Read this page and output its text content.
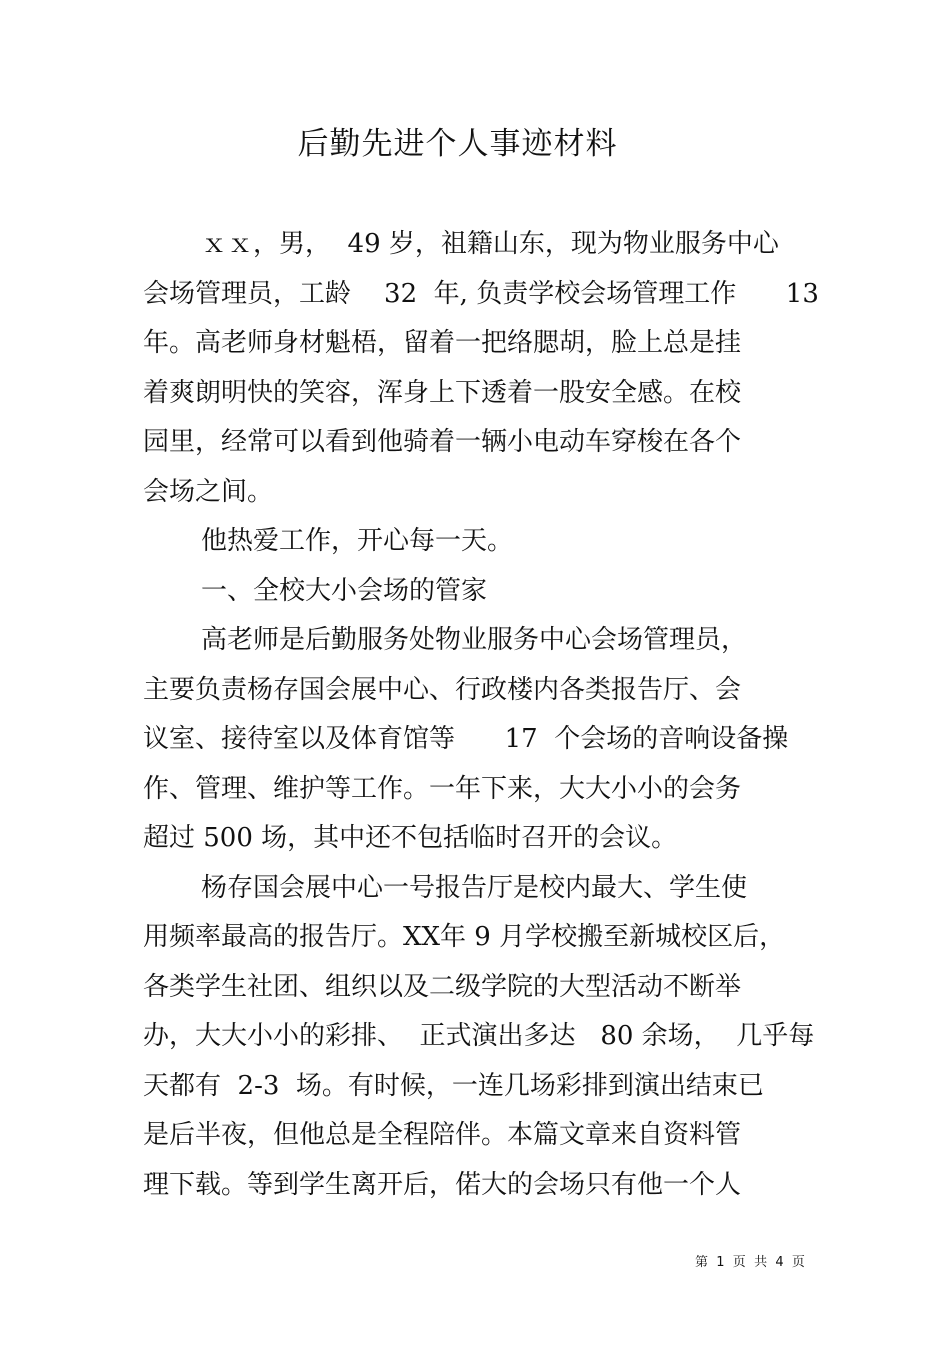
后勤先进个人事迹材料
ｘｘ，男，  49 岁，祖籍山东，现为物业服务中心
会场管理员，工龄    32  年, 负责学校会场管理工作      13
年。高老师身材魁梧，留着一把络腮胡，脸上总是挂
着爽朗明快的笑容，浑身上下透着一股安全感。在校
园里，经常可以看到他骑着一辆小电动车穿梭在各个
会场之间。
他热爱工作，开心每一天。
一、全校大小会场的管家
高老师是后勤服务处物业服务中心会场管理员，
主要负责杨存国会展中心、行政楼内各类报告厅、会
议室、接待室以及体育馆等      17  个会场的音响设备操
作、管理、维护等工作。一年下来，大大小小的会务
超过 500 场，其中还不包括临时召开的会议。
杨存国会展中心一号报告厅是校内最大、学生使
用频率最高的报告厅。XX年 9 月学校搬至新城校区后，
各类学生社团、组织以及二级学院的大型活动不断举
办，大大小小的彩排、  正式演出多达   80 余场，  几乎每
天都有  2-3  场。有时候，一连几场彩排到演出结束已
是后半夜，但他总是全程陪伴。本篇文章来自资料管
理下载。等到学生离开后，偌大的会场只有他一个人
第  1  页  共  4  页
